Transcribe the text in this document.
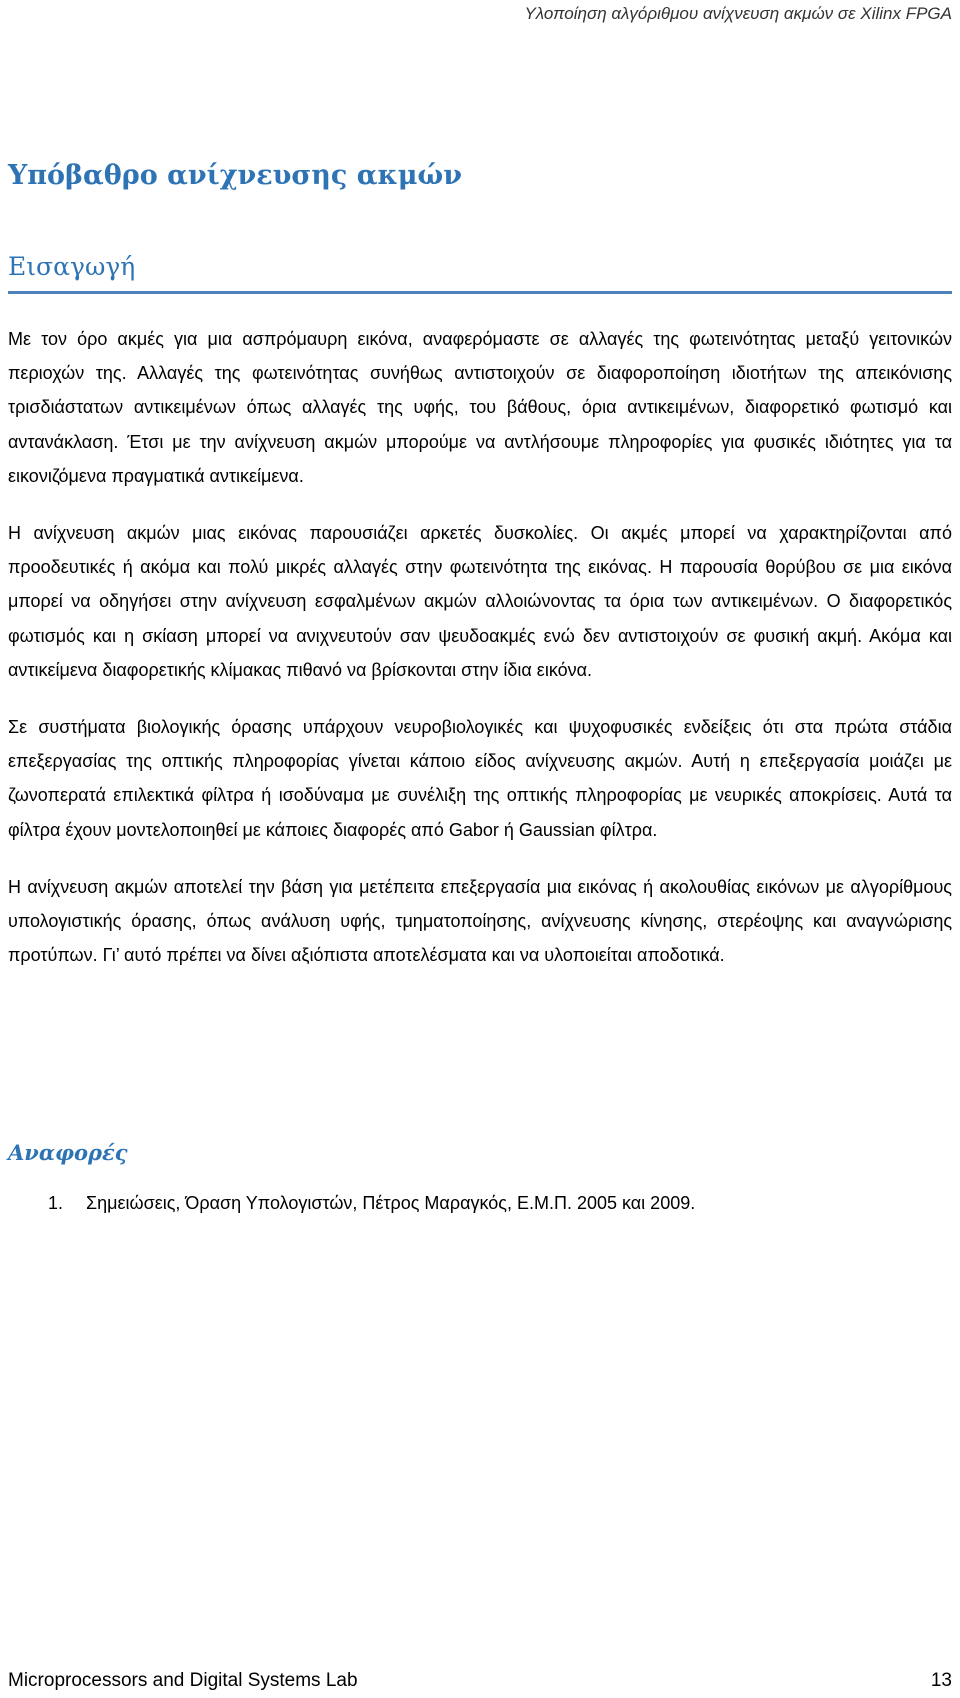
Υλοποίηση αλγόριθμου ανίχνευση ακμών σε Xilinx FPGA
Υπόβαθρο ανίχνευσης ακμών
Εισαγωγή

Με τον όρο ακμές για μια ασπρόμαυρη εικόνα, αναφερόμαστε σε αλλαγές της φωτεινότητας μεταξύ γειτονικών περιοχών της. Αλλαγές της φωτεινότητας συνήθως αντιστοιχούν σε διαφοροποίηση ιδιοτήτων της απεικόνισης τρισδιάστατων αντικειμένων όπως αλλαγές της υφής, του βάθους, όρια αντικειμένων, διαφορετικό φωτισμό και αντανάκλαση. Έτσι με την ανίχνευση ακμών μπορούμε να αντλήσουμε πληροφορίες για φυσικές ιδιότητες για τα εικονιζόμενα πραγματικά αντικείμενα.

Η ανίχνευση ακμών μιας εικόνας παρουσιάζει αρκετές δυσκολίες. Οι ακμές μπορεί να χαρακτηρίζονται από προοδευτικές ή ακόμα και πολύ μικρές αλλαγές στην φωτεινότητα της εικόνας. Η παρουσία θορύβου σε μια εικόνα μπορεί να οδηγήσει στην ανίχνευση εσφαλμένων ακμών αλλοιώνοντας τα όρια των αντικειμένων. Ο διαφορετικός φωτισμός και η σκίαση μπορεί να ανιχνευτούν σαν ψευδοακμές ενώ δεν αντιστοιχούν σε φυσική ακμή. Ακόμα και αντικείμενα διαφορετικής κλίμακας πιθανό να βρίσκονται στην ίδια εικόνα.

Σε συστήματα βιολογικής όρασης υπάρχουν νευροβιολογικές και ψυχοφυσικές ενδείξεις ότι στα πρώτα στάδια επεξεργασίας της οπτικής πληροφορίας γίνεται κάποιο είδος ανίχνευσης ακμών. Αυτή η επεξεργασία μοιάζει με ζωνοπερατά επιλεκτικά φίλτρα ή ισοδύναμα με συνέλιξη της οπτικής πληροφορίας με νευρικές αποκρίσεις. Αυτά τα φίλτρα έχουν μοντελοποιηθεί με κάποιες διαφορές από Gabor ή Gaussian φίλτρα.

Η ανίχνευση ακμών αποτελεί την βάση για μετέπειτα επεξεργασία μια εικόνας ή ακολουθίας εικόνων με αλγορίθμους υπολογιστικής όρασης, όπως ανάλυση υφής, τμηματοποίησης, ανίχνευσης κίνησης, στερέοψης και αναγνώρισης προτύπων. Γι’ αυτό πρέπει να δίνει αξιόπιστα αποτελέσματα και να υλοποιείται αποδοτικά.

Αναφορές
1. Σημειώσεις, Όραση Υπολογιστών, Πέτρος Μαραγκός, Ε.Μ.Π. 2005 και 2009.
Microprocessors and Digital Systems Lab	13
